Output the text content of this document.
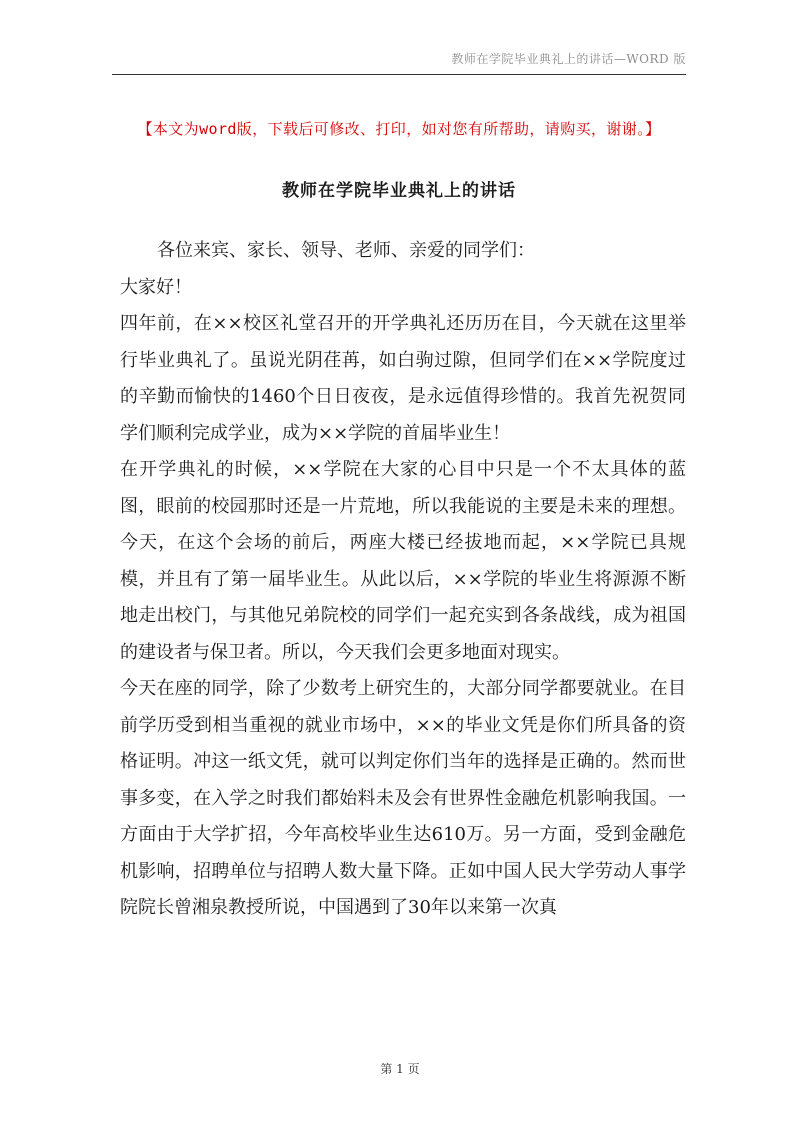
教师在学院毕业典礼上的讲话—WORD 版
【本文为word版，下载后可修改、打印，如对您有所帮助，请购买，谢谢。】
教师在学院毕业典礼上的讲话

各位来宾、家长、领导、老师、亲爱的同学们：

大家好！

四年前，在××校区礼堂召开的开学典礼还历历在目，今天就在这里举行毕业典礼了。虽说光阴荏苒，如白驹过隙，但同学们在××学院度过的辛勤而愉快的1460个日日夜夜，是永远值得珍惜的。我首先祝贺同学们顺利完成学业，成为××学院的首届毕业生！

在开学典礼的时候，××学院在大家的心目中只是一个不太具体的蓝图，眼前的校园那时还是一片荒地，所以我能说的主要是未来的理想。今天，在这个会场的前后，两座大楼已经拔地而起，××学院已具规模，并且有了第一届毕业生。从此以后，××学院的毕业生将源源不断地走出校门，与其他兄弟院校的同学们一起充实到各条战线，成为祖国的建设者与保卫者。所以，今天我们会更多地面对现实。

今天在座的同学，除了少数考上研究生的，大部分同学都要就业。在目前学历受到相当重视的就业市场中，××的毕业文凭是你们所具备的资格证明。冲这一纸文凭，就可以判定你们当年的选择是正确的。然而世事多变，在入学之时我们都始料未及会有世界性金融危机影响我国。一方面由于大学扩招，今年高校毕业生达610万。另一方面，受到金融危机影响，招聘单位与招聘人数大量下降。正如中国人民大学劳动人事学院院长曾湘泉教授所说，中国遇到了30年以来第一次真

第 1 页
